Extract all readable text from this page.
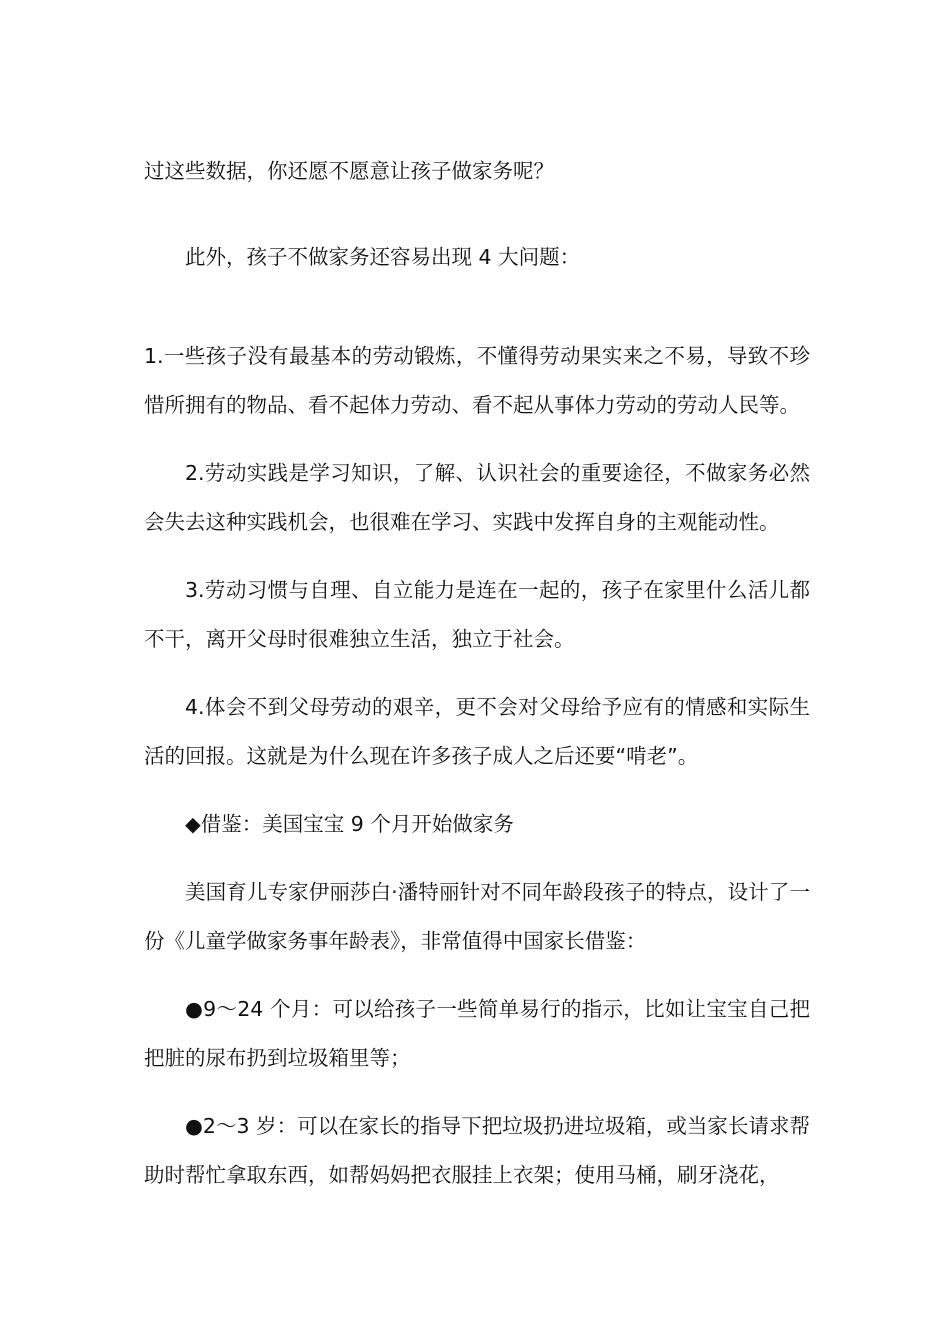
过这些数据，你还愿不愿意让孩子做家务呢？

此外，孩子不做家务还容易出现 4 大问题：

1.一些孩子没有最基本的劳动锻炼，不懂得劳动果实来之不易，导致不珍惜所拥有的物品、看不起体力劳动、看不起从事体力劳动的劳动人民等。

2.劳动实践是学习知识，了解、认识社会的重要途径，不做家务必然会失去这种实践机会，也很难在学习、实践中发挥自身的主观能动性。

3.劳动习惯与自理、自立能力是连在一起的，孩子在家里什么活儿都不干，离开父母时很难独立生活，独立于社会。

4.体会不到父母劳动的艰辛，更不会对父母给予应有的情感和实际生活的回报。这就是为什么现在许多孩子成人之后还要“啃老”。

◆借鉴：美国宝宝 9 个月开始做家务

美国育儿专家伊丽莎白·潘特丽针对不同年龄段孩子的特点，设计了一份《儿童学做家务事年龄表》，非常值得中国家长借鉴：

●9～24 个月：可以给孩子一些简单易行的指示，比如让宝宝自己把把脏的尿布扔到垃圾箱里等；

●2～3 岁：可以在家长的指导下把垃圾扔进垃圾箱，或当家长请求帮助时帮忙拿取东西，如帮妈妈把衣服挂上衣架；使用马桶，刷牙浇花，
